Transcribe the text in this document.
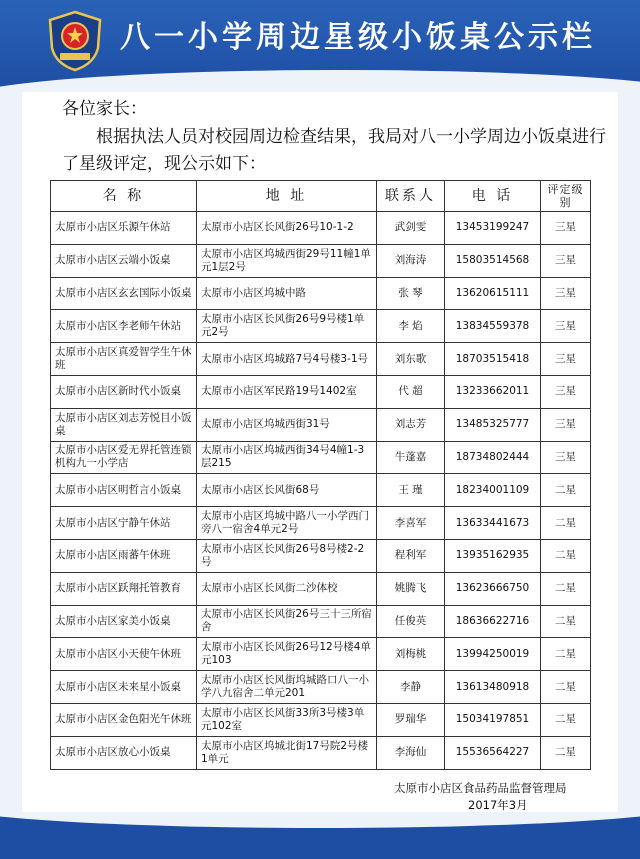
八一小学周边星级小饭桌公示栏
各位家长：
根据执法人员对校园周边检查结果，我局对八一小学周边小饭桌进行了星级评定，现公示如下：
名 称	地 址	联系人	电 话	评定级别
太原市小店区乐源午休站	太原市小店区长风街26号10-1-2	武剑雯	13453199247	三星
太原市小店区云端小饭桌	太原市小店区坞城西街29号11幢1单元1层2号	刘海涛	15803514568	三星
太原市小店区玄玄国际小饭桌	太原市小店区坞城中路	张 琴	13620615111	三星
太原市小店区李老师午休站	太原市小店区长风街26号9号楼1单元2号	李 焰	13834559378	三星
太原市小店区真爱智学生午休班	太原市小店区坞城路7号4号楼3-1号	刘东歌	18703515418	三星
太原市小店区新时代小饭桌	太原市小店区军民路19号1402室	代 超	13233662011	三星
太原市小店区刘志芳悦目小饭桌	太原市小店区坞城西街31号	刘志芳	13485325777	三星
太原市小店区爱无界托管连锁机构九一小学店	太原市小店区坞城西街34号4幢1-3层215	牛蓬嘉	18734802444	三星
太原市小店区明哲言小饭桌	太原市小店区长风街68号	王 瑾	18234001109	二星
太原市小店区宁静午休站	太原市小店区坞城中路八一小学西门旁八一宿舍4单元2号	李喜军	13633441673	二星
太原市小店区雨蕃午休班	太原市小店区长风街26号8号楼2-2号	程利军	13935162935	二星
太原市小店区跃翔托管教育	太原市小店区长风街二沙体校	姚腾飞	13623666750	二星
太原市小店区家美小饭桌	太原市小店区长风街26号三十三所宿舍	任俊英	18636622716	二星
太原市小店区小天使午休班	太原市小店区长风街26号12号楼4单元103	刘梅桃	13994250019	二星
太原市小店区未来星小饭桌	太原市小店区长风街坞城路口八一小学八九宿舍二单元201	李静	13613480918	二星
太原市小店区金色阳光午休班	太原市小店区长风街33所3号楼3单元102室	罗瑞华	15034197851	二星
太原市小店区放心小饭桌	太原市小店区坞城北街17号院2号楼1单元	李海仙	15536564227	二星
太原市小店区食品药品监督管理局
2017年3月
